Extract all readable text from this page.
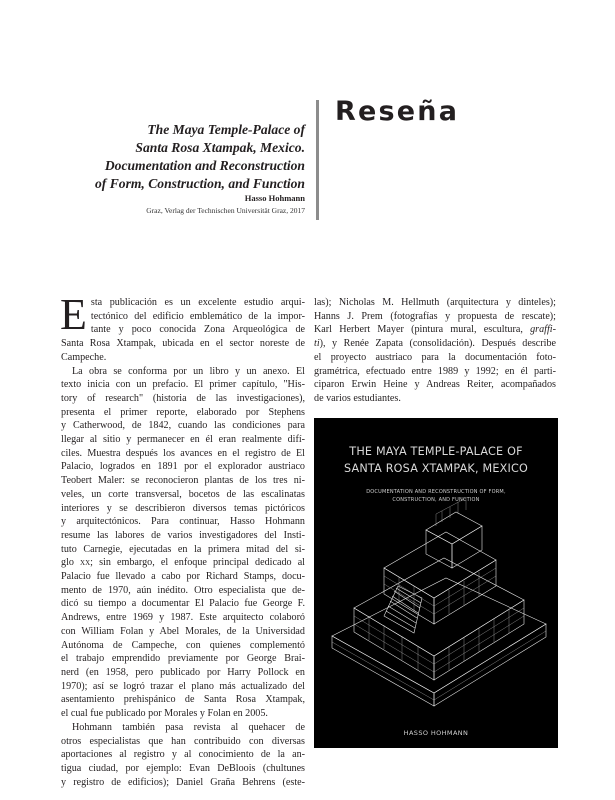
Reseña
The Maya Temple-Palace of
Santa Rosa Xtampak, Mexico.
Documentation and Reconstruction
of Form, Construction, and Function
Hasso Hohmann
Graz, Verlag der Technischen Universität Graz, 2017

E sta publicación es un excelente estudio arqui-
tectónico del edificio emblemático de la impor-
tante y poco conocida Zona Arqueológica de
Santa Rosa Xtampak, ubicada en el sector noreste de
Campeche.

La obra se conforma por un libro y un anexo. El
texto inicia con un prefacio. El primer capítulo, "His-
tory of research" (historia de las investigaciones),
presenta el primer reporte, elaborado por Stephens
y Catherwood, de 1842, cuando las condiciones para
llegar al sitio y permanecer en él eran realmente difí-
ciles. Muestra después los avances en el registro de El
Palacio, logrados en 1891 por el explorador austriaco
Teobert Maler: se reconocieron plantas de los tres ni-
veles, un corte transversal, bocetos de las escalinatas
interiores y se describieron diversos temas pictóricos
y arquitectónicos. Para continuar, Hasso Hohmann
resume las labores de varios investigadores del Insti-
tuto Carnegie, ejecutadas en la primera mitad del si-
glo xx; sin embargo, el enfoque principal dedicado al
Palacio fue llevado a cabo por Richard Stamps, docu-
mento de 1970, aún inédito. Otro especialista que de-
dicó su tiempo a documentar El Palacio fue George F.
Andrews, entre 1969 y 1987. Este arquitecto colaboró
con William Folan y Abel Morales, de la Universidad
Autónoma de Campeche, con quienes complementó
el trabajo emprendido previamente por George Brai-
nerd (en 1958, pero publicado por Harry Pollock en
1970); así se logró trazar el plano más actualizado del
asentamiento prehispánico de Santa Rosa Xtampak,
el cual fue publicado por Morales y Folan en 2005.

Hohmann también pasa revista al quehacer de
otros especialistas que han contribuido con diversas
aportaciones al registro y al conocimiento de la an-
tigua ciudad, por ejemplo: Evan DeBloois (chultunes
y registro de edificios); Daniel Graña Behrens (este-

las); Nicholas M. Hellmuth (arquitectura y dinteles);
Hanns J. Prem (fotografías y propuesta de rescate);
Karl Herbert Mayer (pintura mural, escultura, graffi-
ti), y Renée Zapata (consolidación). Después describe
el proyecto austriaco para la documentación foto-
gramétrica, efectuado entre 1989 y 1992; en él parti-
ciparon Erwin Heine y Andreas Reiter, acompañados
de varios estudiantes.

THE MAYA TEMPLE-PALACE OF
SANTA ROSA XTAMPAK, MEXICO
DOCUMENTATION AND RECONSTRUCTION OF FORM,
CONSTRUCTION, AND FUNCTION
HASSO HOHMANN
